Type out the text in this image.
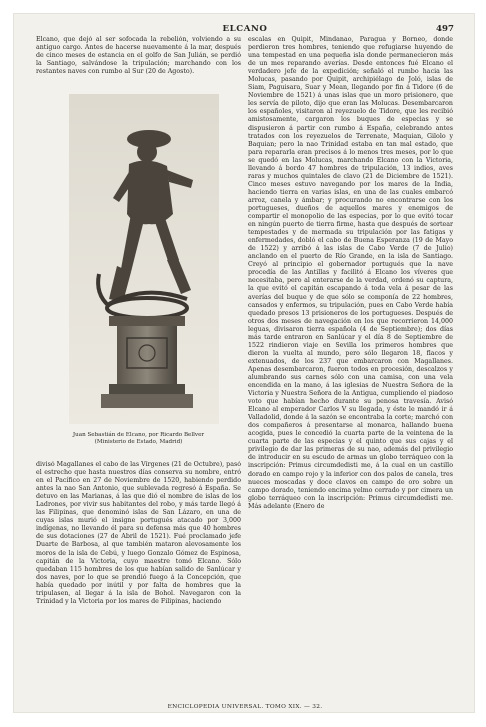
ELCANO	497

Elcano, que dejó al ser sofocada la rebelión, volviendo a su antiguo cargo. Antes de hacerse nuevamente á la mar, después de cinco meses de estancia en el golfo de San Julián, se perdió la Santiago, salvándose la tripulación; marchando con los restantes naves con rumbo al Sur (20 de Agosto).

Juan Sebastián de Elcano, por Ricardo Bellver
(Ministerio de Estado, Madrid)

divisó Magallanes el cabo de las Vírgenes (21 de Octubre), pasó el estrecho que hasta nuestros días conserva su nombre, entró en el Pacífico en 27 de Noviembre de 1520, habiendo perdido antes la nao San Antonio, que sublevada regresó á España. Se detuvo en las Marianas, á las que dió el nombre de islas de los Ladrones, por vivir sus habitantes del robo, y más tarde llegó á las Filipinas, que denominó islas de San Lázaro, en una de cuyas islas murió el insigne portugués atacado por 3,000 indígenas, no llevando él para su defensa más que 40 hombres de sus dotaciones (27 de Abril de 1521). Fué proclamado jefe Duarte de Barbosa, al que también mataron alevosamente los moros de la isla de Cebú, y luego Gonzalo Gómez de Espinosa, capitán de la Victoria, cuyo maestre tomó Elcano. Sólo quedaban 115 hombres de los que habían salido de Sanlúcar y dos naves, por lo que se prendió fuego á la Concepción, que había quedado por inútil y por falta de hombres que la tripulasen, al llegar á la isla de Bohol. Navegaron con la Trinidad y la Victoria por los mares de Filipinas, haciendo

escalas en Quipit, Mindanao, Paragua y Borneo, donde perdieron tres hombres, teniendo que refugiarse huyendo de una tempestad en una pequeña isla donde permanecieron más de un mes reparando averías. Desde entonces fué Elcano el verdadero jefe de la expedición; señaló el rumbo hacia las Molucas, pasando por Quipit, archipiélago de Joló, islas de Siam, Paguisara, Suar y Mean, llegando por fin á Tidore (6 de Noviembre de 1521) á unas islas que un moro prisionero, que les servía de piloto, dijo que eran las Molucas. Desembarcaron los españoles, visitaron al reyezuelo de Tidore, que les recibió amistosamente, cargaron los buques de especias y se dispusieron á partir con rumbo á España, celebrando antes tratados con los reyezuelos de Terrenate, Maquian, Gilolo y Baquian; pero la nao Trinidad estaba en tan mal estado, que para repararla eran precisos á lo menos tres meses, por lo que se quedó en las Molucas, marchando Elcano con la Victoria, llevando á bordo 47 hombres de tripulación, 13 indios, aves raras y muchos quintales de clavo (21 de Diciembre de 1521). Cinco meses estuvo navegando por los mares de la India, haciendo tierra en varias islas, en una de las cuales embarcó arroz, canela y ámbar; y procurando no encontrarse con los portugueses, dueños de aquellos mares y enemigos de compartir el monopolio de las especias, por lo que evitó tocar en ningún puerto de tierra firme, hasta que después de sortear tempestades y de mermada su tripulación por las fatigas y enfermedades, dobló el cabo de Buena Esperanza (19 de Mayo de 1522) y arribó á las islas de Cabo Verde (7 de Julio) anclando en el puerto de Río Grande, en la isla de Santiago. Creyó al principio el gobernador portugués que la nave procedía de las Antillas y facilitó á Elcano los víveres que necesitaba, pero al enterarse de la verdad, ordenó su captura, la que evitó el capitán escapando á toda vela á pesar de las averías del buque y de que sólo se componía de 22 hombres, cansados y enfermos, su tripulación, pues en Cabo Verde había quedado presos 13 prisioneros de los portugueses. Después de otros dos meses de navegación en los que recorrieron 14,000 leguas, divisaron tierra española (4 de Septiembre); dos días más tarde entraron en Sanlúcar y el día 8 de Septiembre de 1522 rindieron viaje en Sevilla los primeros hombres que dieron la vuelta al mundo, pero sólo llegaron 18, flacos y extenuados, de los 237 que embarcaron con Magallanes. Apenas desembarcaron, fueron todos en procesión, descalzos y alumbrando sus carnes sólo con una camisa, con una vela encendida en la mano, á las iglesias de Nuestra Señora de la Victoria y Nuestra Señora de la Antigua, cumpliendo el piadoso voto que habían hecho durante su penosa travesía. Avisó Elcano al emperador Carlos V su llegada, y éste le mandó ir á Valladolid, donde á la sazón se encontraba la corte; marchó con dos compañeros á presentarse al monarca, hallando buena acogida, pues le concedió la cuarta parte de la veintena de la cuarta parte de las especias y el quinto que sus cajas y el privilegio de dar las primeras de su nao, además del privilegio de introducir en su escudo de armas un globo terráqueo con la inscripción: Primus circumdedisti me, á la cual en un castillo dorado en campo rojo y la inferior con dos palos de canela, tres nueces moscadas y doce clavos en campo de oro sobre un campo dorado, teniendo encima yelmo cerrado y por cimera un globo terráqueo con la inscripción: Primus circumdedisti me. Más adelante (Enero de

ENCICLOPEDIA UNIVERSAL. TOMO XIX. — 32.
